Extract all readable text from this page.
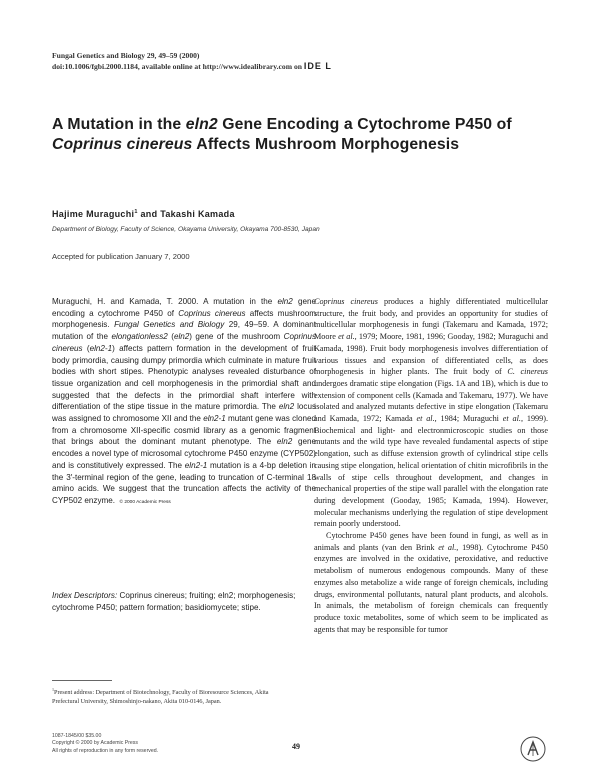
Fungal Genetics and Biology 29, 49–59 (2000)
doi:10.1006/fgbi.2000.1184, available online at http://www.idealibrary.com on IDE L
A Mutation in the eln2 Gene Encoding a Cytochrome P450 of Coprinus cinereus Affects Mushroom Morphogenesis
Hajime Muraguchi$^1$ and Takashi Kamada
Department of Biology, Faculty of Science, Okayama University, Okayama 700-8530, Japan
Accepted for publication January 7, 2000
Muraguchi, H. and Kamada, T. 2000. A mutation in the eln2 gene encoding a cytochrome P450 of Coprinus cinereus affects mushroom morphogenesis. Fungal Genetics and Biology 29, 49–59. A dominant mutation of the elongationless2 (eln2) gene of the mushroom Coprinus cinereus (eln2-1) affects pattern formation in the development of fruit body primordia, causing dumpy primordia which culminate in mature fruit bodies with short stipes. Phenotypic analyses revealed disturbance of tissue organization and cell morphogenesis in the primordial shaft and suggested that the defects in the primordial shaft interfere with differentiation of the stipe tissue in the mature primordia. The eln2 locus was assigned to chromosome XII and the eln2-1 mutant gene was cloned from a chromosome XII-specific cosmid library as a genomic fragment that brings about the dominant mutant phenotype. The eln2 gene encodes a novel type of microsomal cytochrome P450 enzyme (CYP502) and is constitutively expressed. The eln2-1 mutation is a 4-bp deletion in the 3′-terminal region of the gene, leading to truncation of C-terminal 18 amino acids. We suggest that the truncation affects the activity of the CYP502 enzyme. © 2000 Academic Press
Index Descriptors: Coprinus cinereus; fruiting; eln2; morphogenesis; cytochrome P450; pattern formation; basidiomycete; stipe.
$^1$Present address: Department of Biotechnology, Faculty of Bioresource Sciences, Akita Prefectural University, Shimoshinjo-nakano, Akita 010-0146, Japan.
1087-1845/00 $35.00
Copyright © 2000 by Academic Press
All rights of reproduction in any form reserved.	49

Coprinus cinereus produces a highly differentiated multicellular structure, the fruit body, and provides an opportunity for studies of multicellular morphogenesis in fungi (Takemaru and Kamada, 1972; Moore et al., 1979; Moore, 1981, 1996; Gooday, 1982; Muraguchi and Kamada, 1998). Fruit body morphogenesis involves differentiation of various tissues and expansion of differentiated cells, as does morphogenesis in higher plants. The fruit body of C. cinereus undergoes dramatic stipe elongation (Figs. 1A and 1B), which is due to extension of component cells (Kamada and Takemaru, 1977). We have isolated and analyzed mutants defective in stipe elongation (Takemaru and Kamada, 1972; Kamada et al., 1984; Muraguchi et al., 1999). Biochemical and light- and electronmicroscopic studies on those mutants and the wild type have revealed fundamental aspects of stipe elongation, such as diffuse extension growth of cylindrical stipe cells causing stipe elongation, helical orientation of chitin microfibrils in the walls of stipe cells throughout development, and changes in mechanical properties of the stipe wall parallel with the elongation rate during development (Gooday, 1985; Kamada, 1994). However, molecular mechanisms underlying the regulation of stipe development remain poorly understood.

Cytochrome P450 genes have been found in fungi, as well as in animals and plants (van den Brink et al., 1998). Cytochrome P450 enzymes are involved in the oxidative, peroxidative, and reductive metabolism of numerous endogenous compounds. Many of these enzymes also metabolize a wide range of foreign chemicals, including drugs, environmental pollutants, natural plant products, and alcohols. In animals, the metabolism of foreign chemicals can frequently produce toxic metabolites, some of which seem to be implicated as agents that may be responsible for tumor
